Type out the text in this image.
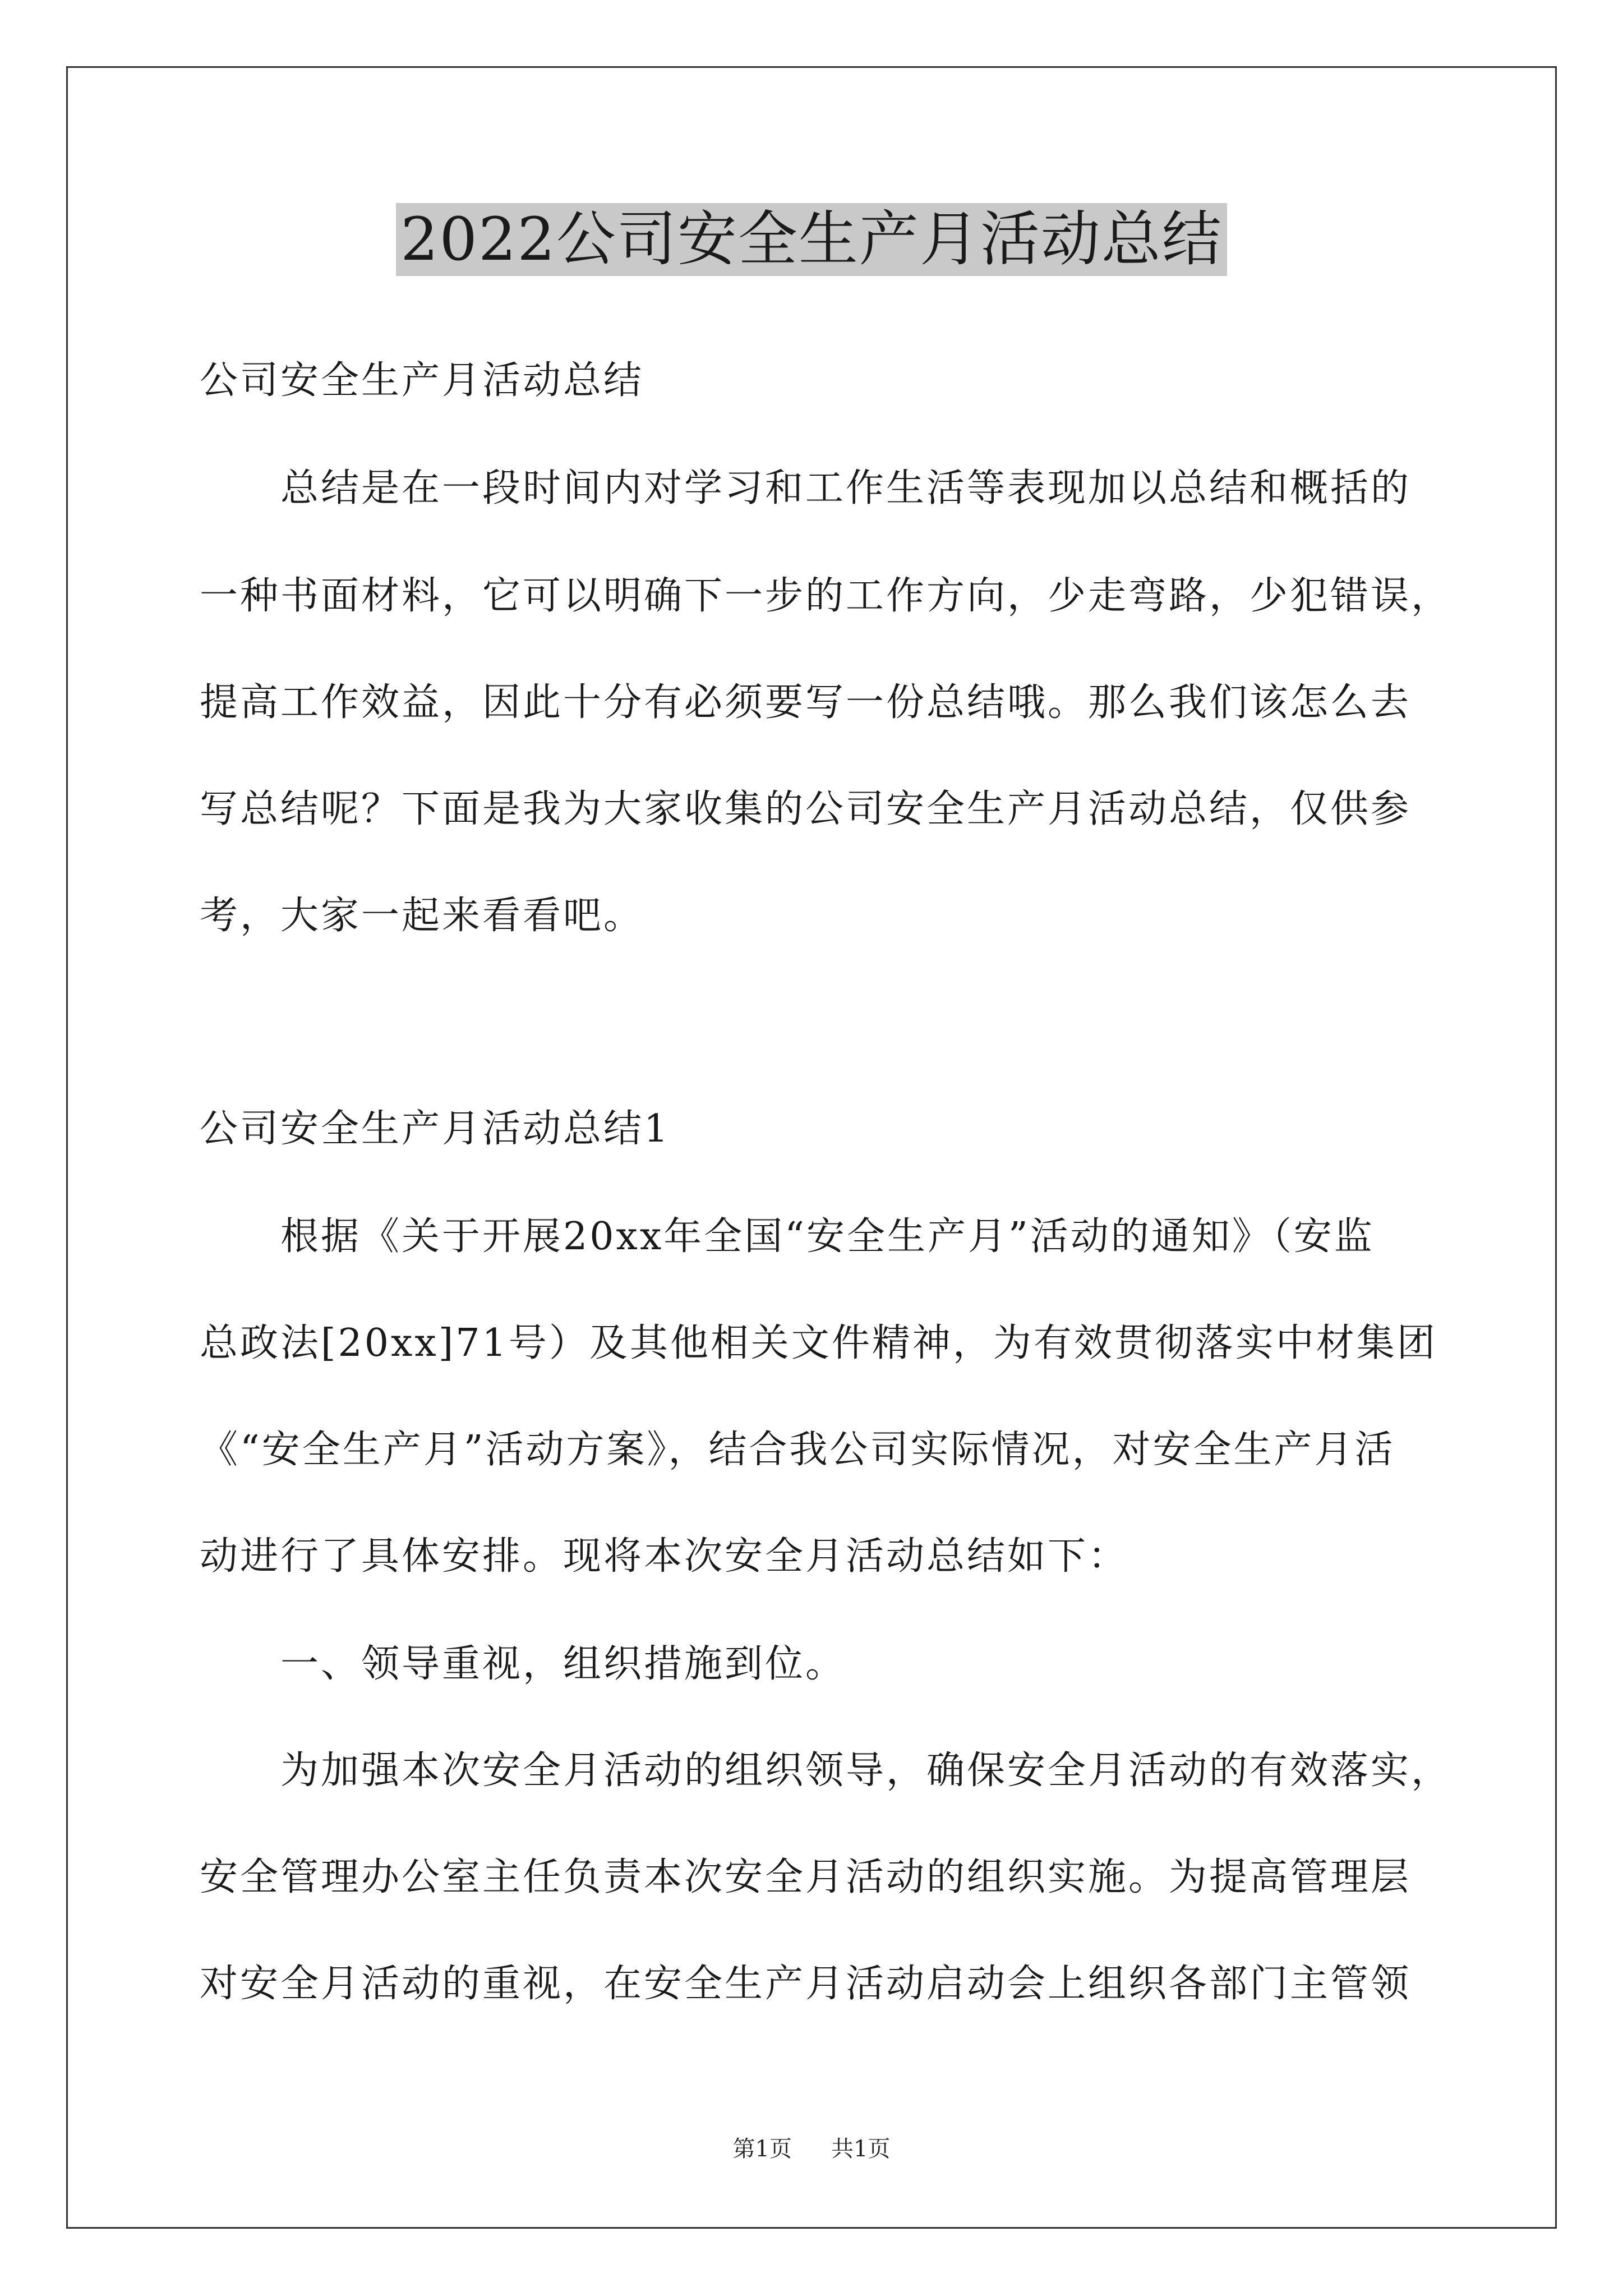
2022公司安全生产月活动总结
公司安全生产月活动总结
总结是在一段时间内对学习和工作生活等表现加以总结和概括的
一种书面材料，它可以明确下一步的工作方向，少走弯路，少犯错误，
提高工作效益，因此十分有必须要写一份总结哦。那么我们该怎么去
写总结呢？下面是我为大家收集的公司安全生产月活动总结，仅供参
考，大家一起来看看吧。
公司安全生产月活动总结1
根据《关于开展20xx年全国“安全生产月”活动的通知》（安监
总政法[20xx]71号）及其他相关文件精神，为有效贯彻落实中材集团
《“安全生产月”活动方案》，结合我公司实际情况，对安全生产月活
动进行了具体安排。现将本次安全月活动总结如下：
一、领导重视，组织措施到位。
为加强本次安全月活动的组织领导，确保安全月活动的有效落实，
安全管理办公室主任负责本次安全月活动的组织实施。为提高管理层
对安全月活动的重视，在安全生产月活动启动会上组织各部门主管领
第1页 共1页
